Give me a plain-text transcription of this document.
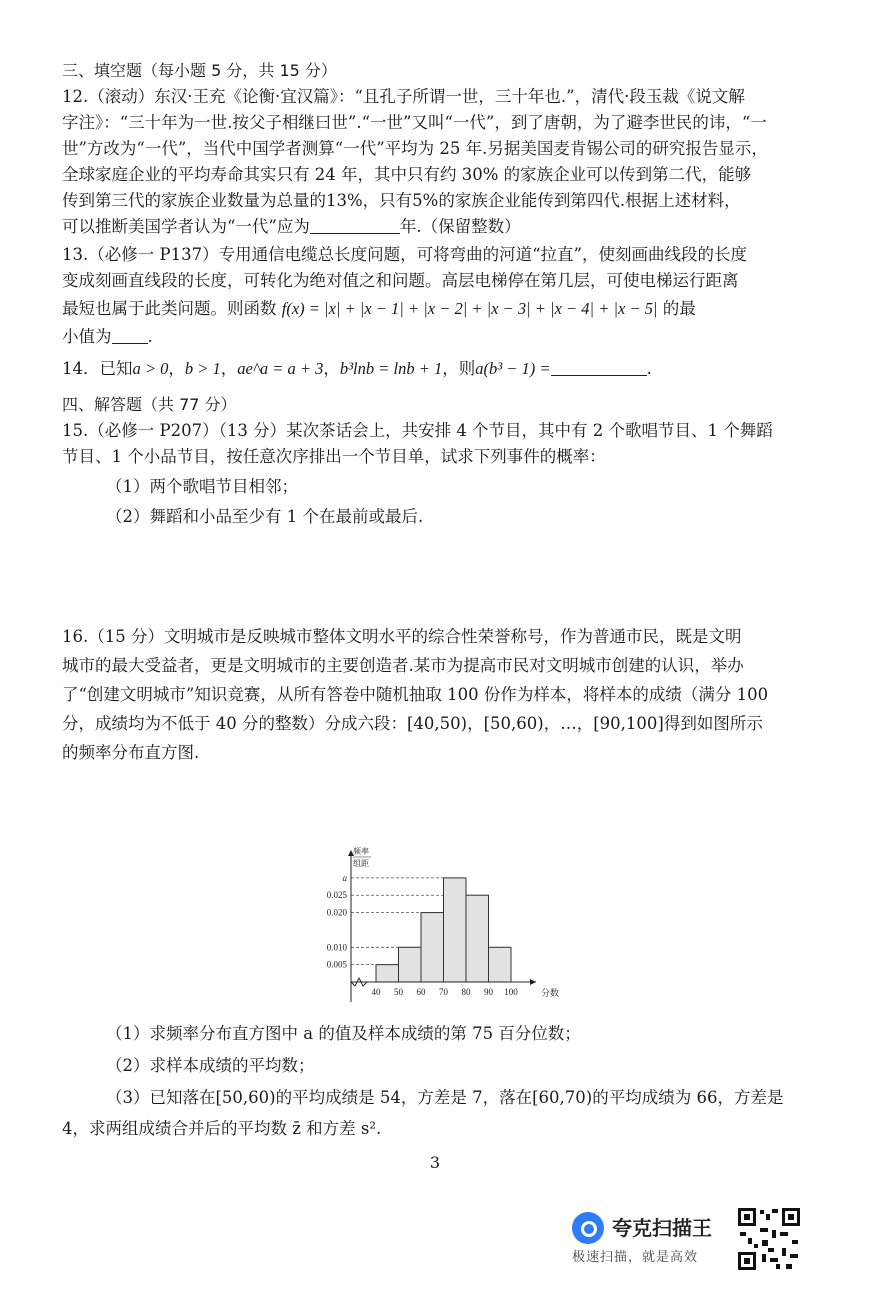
三、填空题（每小题 5 分，共 15 分）

12.（滚动）东汉·王充《论衡·宜汉篇》：“且孔子所谓一世，三十年也.”，清代·段玉裁《说文解

字注》：“三十年为一世.按父子相继曰世”.“一世”又叫“一代”，到了唐朝，为了避李世民的讳，“一

世”方改为“一代”，当代中国学者测算“一代”平均为 25 年.另据美国麦肯锡公司的研究报告显示，

全球家庭企业的平均寿命其实只有 24 年，其中只有约 30% 的家族企业可以传到第二代，能够

传到第三代的家族企业数量为总量的13%，只有5%的家族企业能传到第四代.根据上述材料，

可以推断美国学者认为“一代”应为	年.（保留整数）

13.（必修一 P137）专用通信电缆总长度问题，可将弯曲的河道“拉直”，使刻画曲线段的长度

变成刻画直线段的长度，可转化为绝对值之和问题。高层电梯停在第几层，可使电梯运行距离

最短也属于此类问题。则函数 f(x) = |x| + |x − 1| + |x − 2| + |x − 3| + |x − 4| + |x − 5| 的最

小值为 .

14．已知a > 0，b > 1，ae^a = a + 3，b³lnb = lnb + 1，则a(b³ − 1) =	.

四、解答题（共 77 分）

15.（必修一 P207）（13 分）某次茶话会上，共安排 4 个节目，其中有 2 个歌唱节目、1 个舞蹈

节目、1 个小品节目，按任意次序排出一个节目单，试求下列事件的概率：

（1）两个歌唱节目相邻；

（2）舞蹈和小品至少有 1 个在最前或最后.

16.（15 分）文明城市是反映城市整体文明水平的综合性荣誉称号，作为普通市民，既是文明

城市的最大受益者，更是文明城市的主要创造者.某市为提高市民对文明城市创建的认识，举办

了“创建文明城市”知识竞赛，从所有答卷中随机抽取 100 份作为样本，将样本的成绩（满分 100

分，成绩均为不低于 40 分的整数）分成六段：[40,50)，[50,60)，…，[90,100]得到如图所示

的频率分布直方图.

0.005
0.010
0.020
0.025
a
40 50 60 70 80 90 100	分数
频率
组距

（1）求频率分布直方图中 a 的值及样本成绩的第 75 百分位数；

（2）求样本成绩的平均数；

（3）已知落在[50,60)的平均成绩是 54，方差是 7，落在[60,70)的平均成绩为 66，方差是

4，求两组成绩合并后的平均数 z̄ 和方差 s².

3
夸克扫描王
极速扫描，就是高效
